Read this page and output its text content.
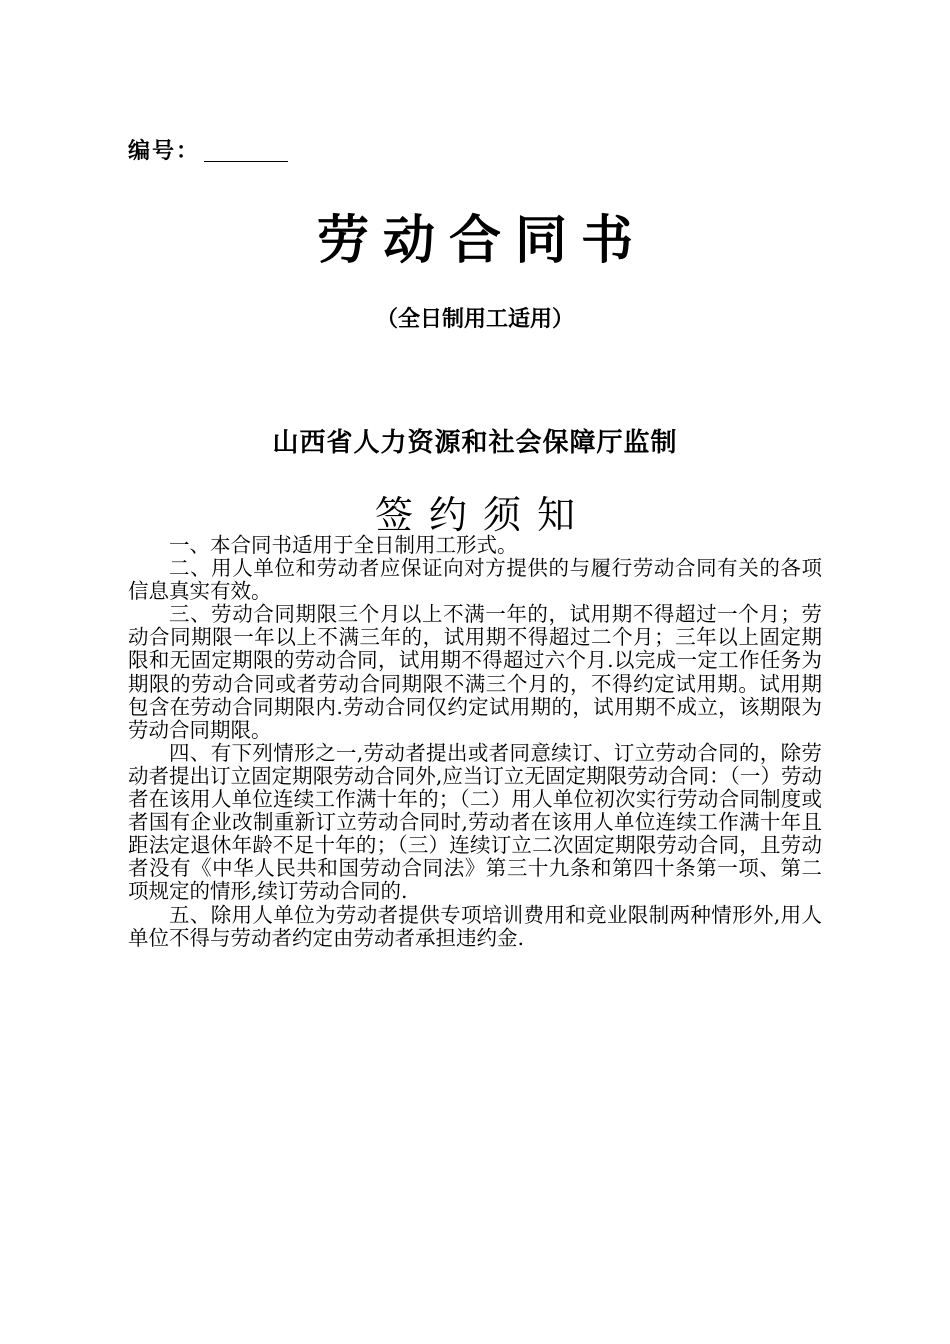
编号：
劳动合同书
（全日制用工适用）
山西省人力资源和社会保障厅监制
签约须知

一、本合同书适用于全日制用工形式。

二、用人单位和劳动者应保证向对方提供的与履行劳动合同有关的各项信息真实有效。

三、劳动合同期限三个月以上不满一年的，试用期不得超过一个月；劳动合同期限一年以上不满三年的，试用期不得超过二个月；三年以上固定期限和无固定期限的劳动合同，试用期不得超过六个月.以完成一定工作任务为期限的劳动合同或者劳动合同期限不满三个月的，不得约定试用期。试用期包含在劳动合同期限内.劳动合同仅约定试用期的，试用期不成立，该期限为劳动合同期限。

四、有下列情形之一,劳动者提出或者同意续订、订立劳动合同的，除劳动者提出订立固定期限劳动合同外,应当订立无固定期限劳动合同：（一）劳动者在该用人单位连续工作满十年的；（二）用人单位初次实行劳动合同制度或者国有企业改制重新订立劳动合同时,劳动者在该用人单位连续工作满十年且距法定退休年龄不足十年的；（三）连续订立二次固定期限劳动合同，且劳动者没有《中华人民共和国劳动合同法》第三十九条和第四十条第一项、第二项规定的情形,续订劳动合同的.

五、除用人单位为劳动者提供专项培训费用和竞业限制两种情形外,用人单位不得与劳动者约定由劳动者承担违约金.
